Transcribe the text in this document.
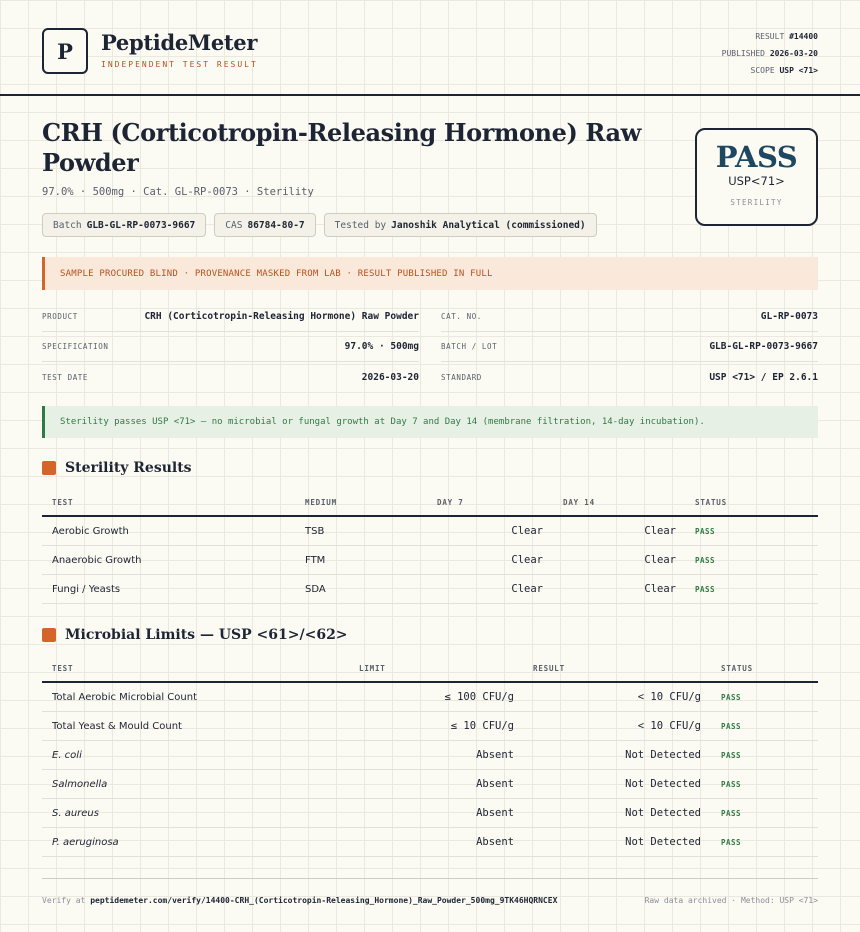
P	PeptideMeter
INDEPENDENT TEST RESULT
RESULT #14400
PUBLISHED 2026-03-20
SCOPE USP <71>
CRH (Corticotropin-Releasing Hormone) Raw Powder
97.0% · 500mg · Cat. GL-RP-0073 · Sterility
Batch GLB-GL-RP-0073-9667	CAS 86784-80-7	Tested by Janoshik Analytical (commissioned)
PASS
USP<71>
STERILITY
SAMPLE PROCURED BLIND · PROVENANCE MASKED FROM LAB · RESULT PUBLISHED IN FULL
PRODUCT	CRH (Corticotropin-Releasing Hormone) Raw Powder
SPECIFICATION	97.0% · 500mg
TEST DATE	2026-03-20
CAT. NO.	GL-RP-0073
BATCH / LOT	GLB-GL-RP-0073-9667
STANDARD	USP <71> / EP 2.6.1
Sterility passes USP <71> — no microbial or fungal growth at Day 7 and Day 14 (membrane filtration, 14-day incubation).
Sterility Results
TEST	MEDIUM	DAY 7	DAY 14	STATUS
Aerobic Growth	TSB	Clear	Clear	PASS
Anaerobic Growth	FTM	Clear	Clear	PASS
Fungi / Yeasts	SDA	Clear	Clear	PASS
Microbial Limits — USP <61>/<62>
TEST	LIMIT	RESULT	STATUS
Total Aerobic Microbial Count	≤ 100 CFU/g	< 10 CFU/g	PASS
Total Yeast & Mould Count	≤ 10 CFU/g	< 10 CFU/g	PASS
E. coli	Absent	Not Detected	PASS
Salmonella	Absent	Not Detected	PASS
S. aureus	Absent	Not Detected	PASS
P. aeruginosa	Absent	Not Detected	PASS
Verify at peptidemeter.com/verify/14400-CRH_(Corticotropin-Releasing_Hormone)_Raw_Powder_500mg_9TK46HQRNCEX	Raw data archived · Method: USP <71>
